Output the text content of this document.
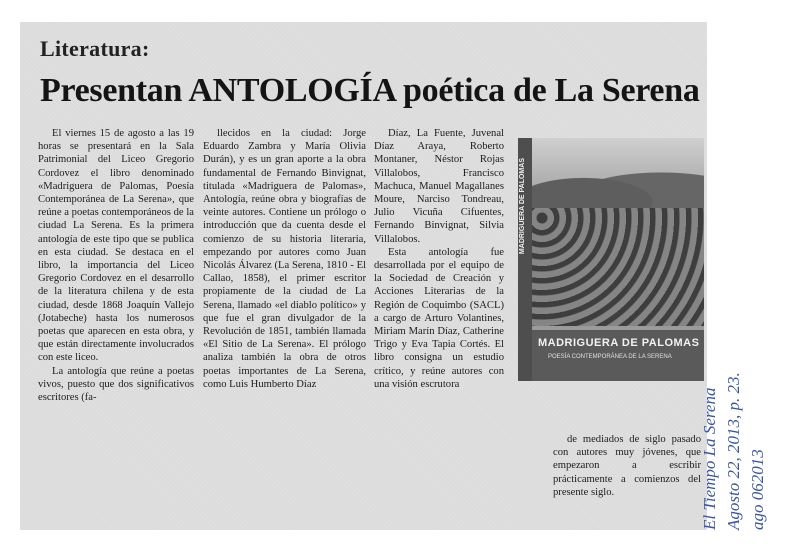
Literatura:
Presentan ANTOLOGÍA poética de La Serena

El viernes 15 de agosto a las 19 horas se presentará en la Sala Patrimonial del Liceo Gregorio Cordovez el libro denominado «Madriguera de Palomas, Poesía Contemporánea de La Serena», que reúne a poetas contemporáneos de la ciudad La Serena. Es la primera antología de este tipo que se publica en esta ciudad. Se destaca en el libro, la importancia del Liceo Gregorio Cordovez en el desarrollo de la literatura chilena y de esta ciudad, desde 1868 Joaquín Vallejo (Jotabeche) hasta los numerosos poetas que aparecen en esta obra, y que están directamente involucrados con este liceo.

La antología que reúne a poetas vivos, puesto que dos significativos escritores (fa-

llecidos en la ciudad: Jorge Eduardo Zambra y María Olivia Durán), y es un gran aporte a la obra fundamental de Fernando Binvignat, titulada «Madriguera de Palomas», Antología, reúne obra y biografías de veinte autores. Contiene un prólogo o introducción que da cuenta desde el comienzo de su historia literaria, empezando por autores como Juan Nicolás Álvarez (La Serena, 1810 - El Callao, 1858), el primer escritor propiamente de la ciudad de La Serena, llamado «el diablo político» y que fue el gran divulgador de la Revolución de 1851, también llamada «El Sitio de La Serena». El prólogo analiza también la obra de otros poetas importantes de La Serena, como Luis Humberto Díaz

Díaz, La Fuente, Juvenal Díaz Araya, Roberto Montaner, Néstor Rojas Villalobos, Francisco Machuca, Manuel Magallanes Moure, Narciso Tondreau, Julio Vicuña Cifuentes, Fernando Binvignat, Silvia Villalobos.

Esta antología fue desarrollada por el equipo de la Sociedad de Creación y Acciones Literarias de la Región de Coquimbo (SACL) a cargo de Arturo Volantines, Miriam Marín Díaz, Catherine Trigo y Eva Tapia Cortés. El libro consigna un estudio crítico, y reúne autores con una visión escrutora

de mediados de siglo pasado con autores muy jóvenes, que empezaron a escribir prácticamente a comienzos del presente siglo.

MADRIGUERA DE PALOMAS
MADRIGUERA DE PALOMAS
POESÍA CONTEMPORÁNEA DE LA SERENA
El Tiempo La Serena Agosto 22, 2013, p. 23. ago 062013
